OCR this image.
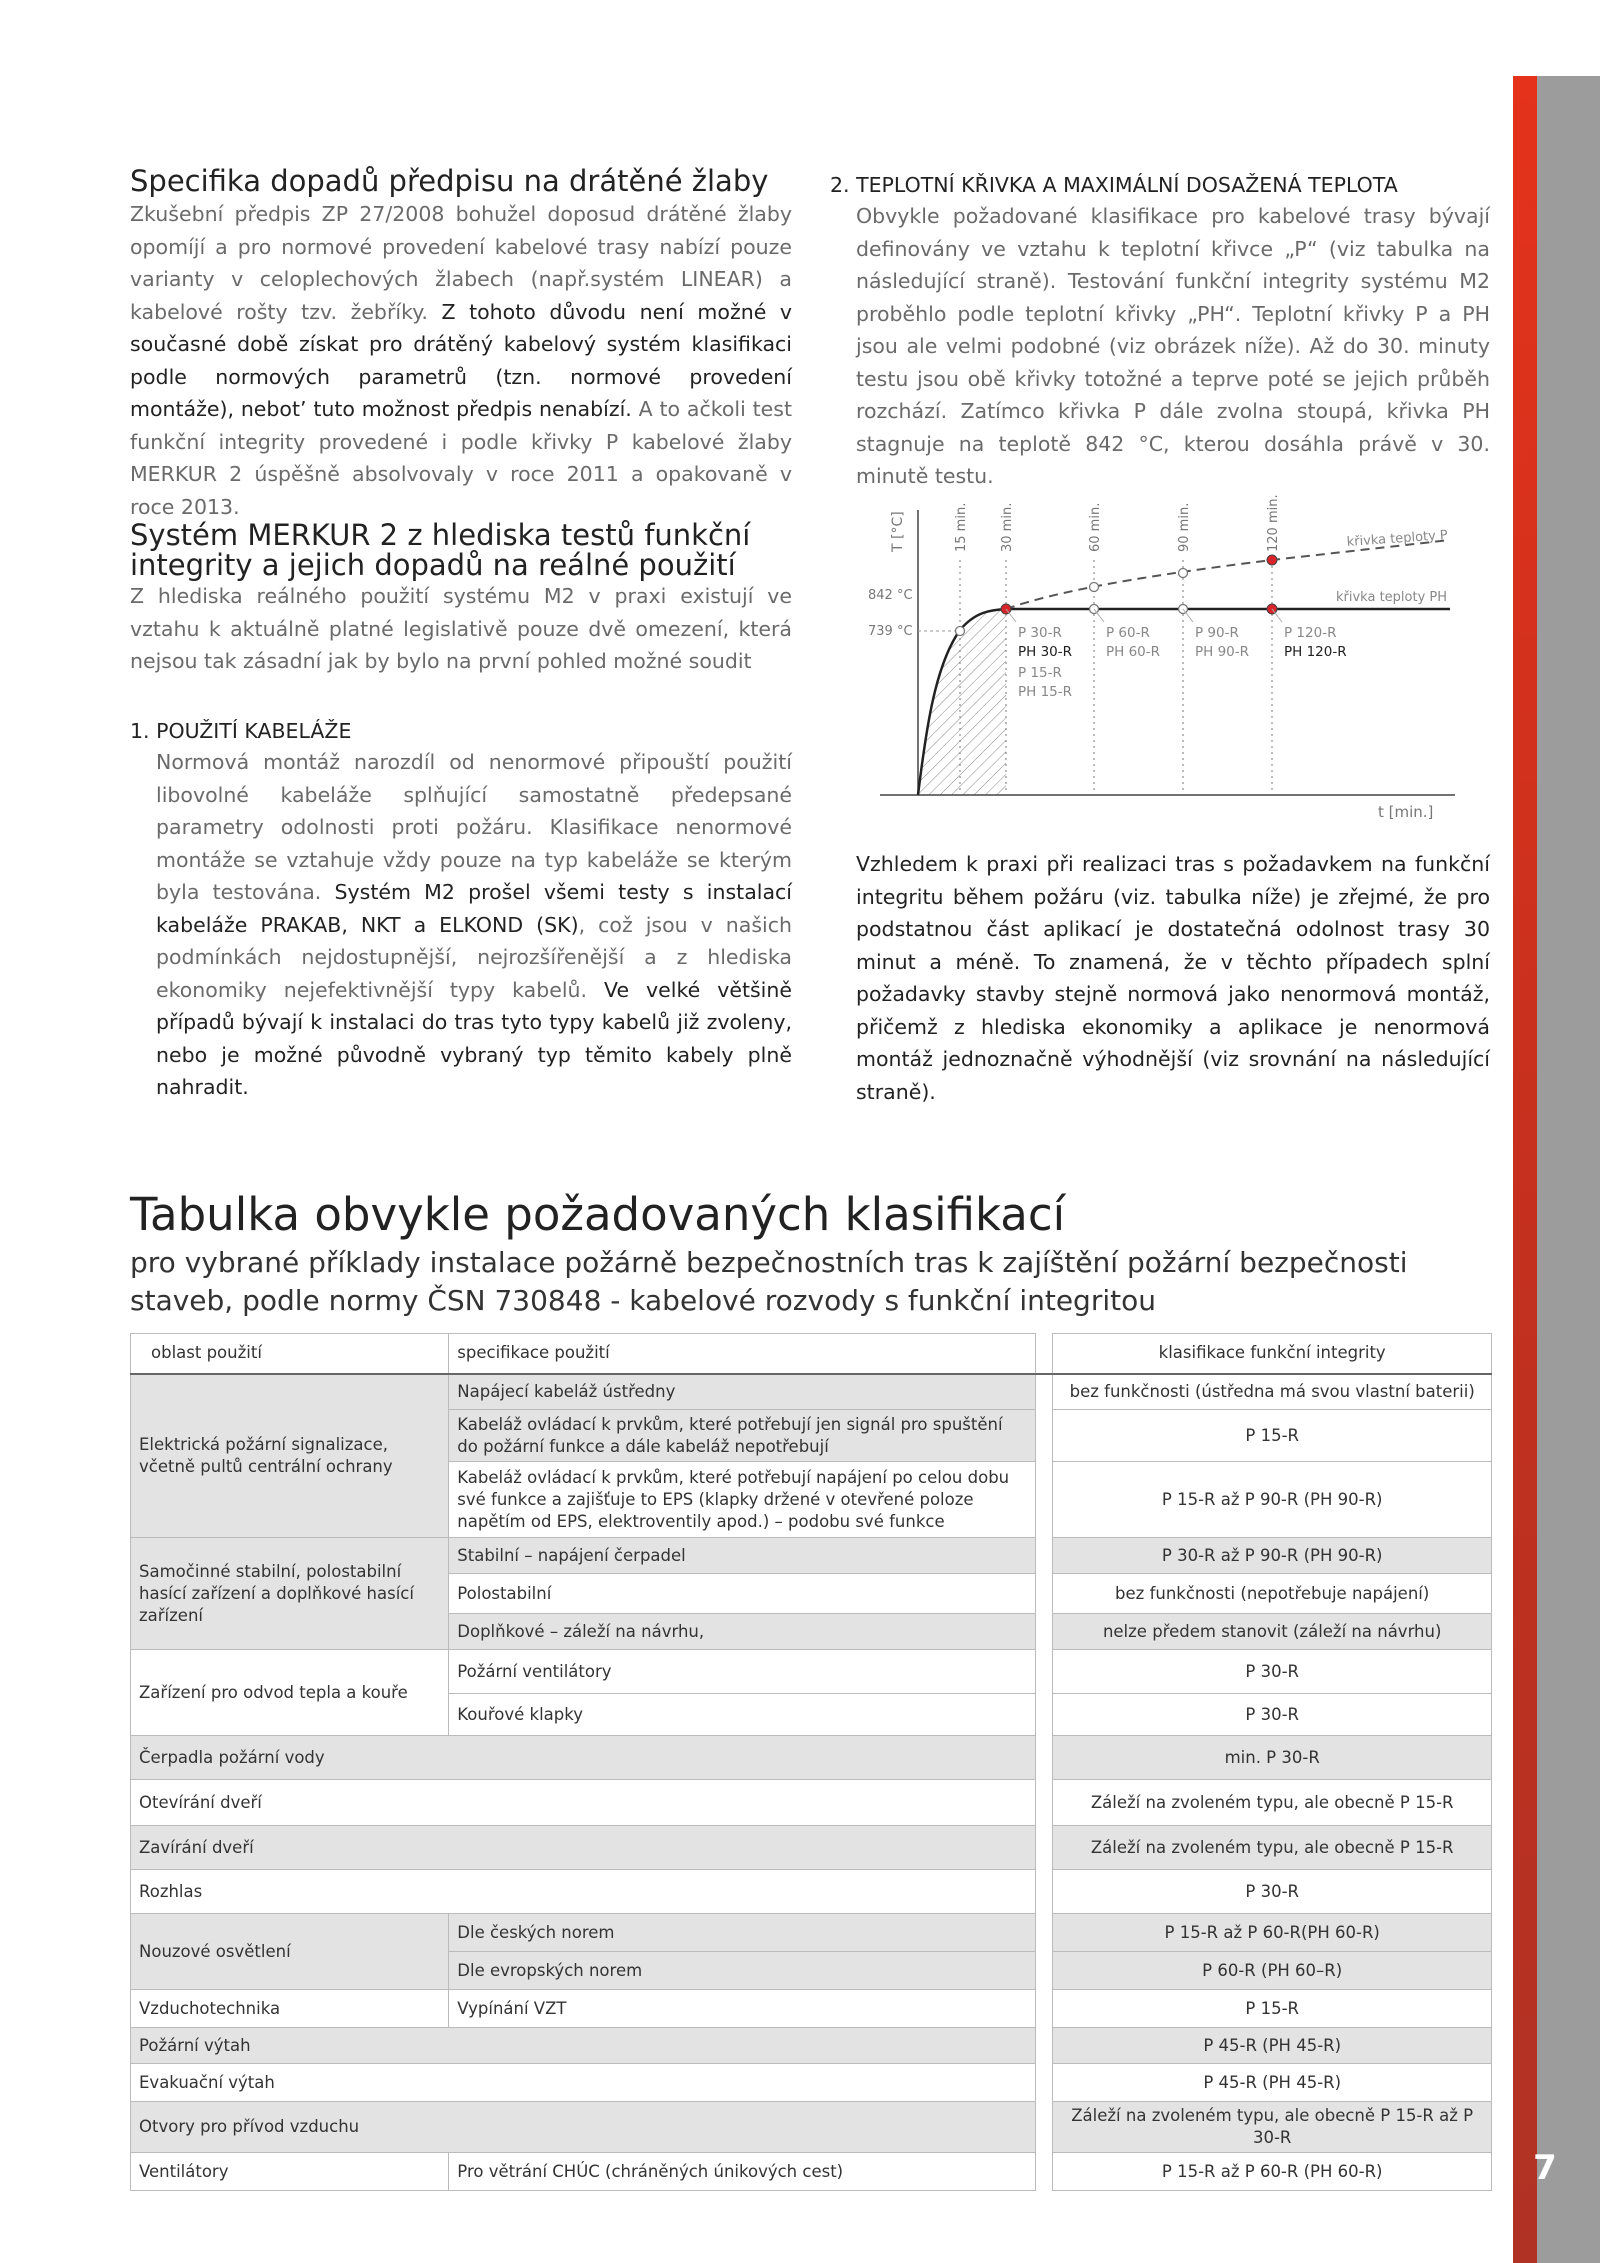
7
Specifika dopadů předpisu na drátěné žlaby

Zkušební předpis ZP 27/2008 bohužel doposud drátěné žlaby opomíjí a pro normové provedení kabelové trasy nabízí pouze varianty v celoplechových žlabech (např.systém LINEAR) a kabelové rošty tzv. žebříky. Z tohoto důvodu není možné v současné době získat pro drátěný kabelový systém klasifikaci podle normových parametrů (tzn. normové provedení montáže), nebot’ tuto možnost předpis nenabízí. A to ačkoli test funkční integrity provedené i podle křivky P kabelové žlaby MERKUR 2 úspěšně absolvovaly v roce 2011 a opakovaně v roce 2013.

Systém MERKUR 2 z hlediska testů funkční integrity a jejich dopadů na reálné použití

Z hlediska reálného použití systému M2 v praxi existují ve vztahu k aktuálně platné legislativě pouze dvě omezení, která nejsou tak zásadní jak by bylo na první pohled možné soudit

1. POUŽITÍ KABELÁŽE

Normová montáž narozdíl od nenormové připouští použití libovolné kabeláže splňující samostatně předepsané parametry odolnosti proti požáru. Klasifikace nenormové montáže se vztahuje vždy pouze na typ kabeláže se kterým byla testována. Systém M2 prošel všemi testy s instalací kabeláže PRAKAB, NKT a ELKOND (SK), což jsou v našich podmínkách nejdostupnější, nejrozšířenější a z hlediska ekonomiky nejefektivnější typy kabelů. Ve velké většině případů bývají k instalaci do tras tyto typy kabelů již zvoleny, nebo je možné původně vybraný typ těmito kabely plně nahradit.

2. TEPLOTNÍ KŘIVKA A MAXIMÁLNÍ DOSAŽENÁ TEPLOTA

Obvykle požadované klasifikace pro kabelové trasy bývají definovány ve vztahu k teplotní křivce „P“ (viz tabulka na následující straně). Testování funkční integrity systému M2 proběhlo podle teplotní křivky „PH“. Teplotní křivky P a PH jsou ale velmi podobné (viz obrázek níže). Až do 30. minuty testu jsou obě křivky totožné a teprve poté se jejich průběh rozchází. Zatímco křivka P dále zvolna stoupá, křivka PH stagnuje na teplotě 842 °C, kterou dosáhla právě v 30. minutě testu.

T [°C]
t [min.]
842 °C
739 °C
15 min. 30 min.	60 min.	90 min.	120 min.	křivka teploty P
křivka teploty PH
P 30-R
PH 30-R
P 15-R
PH 15-R
P 60-R
PH 60-R
P 90-R
PH 90-R
P 120-R
PH 120-R

Vzhledem k praxi při realizaci tras s požadavkem na funkční integritu během požáru (viz. tabulka níže) je zřejmé, že pro podstatnou část aplikací je dostatečná odolnost trasy 30 minut a méně. To znamená, že v těchto případech splní požadavky stavby stejně normová jako nenormová montáž, přičemž z hlediska ekonomiky a aplikace je nenormová montáž jednoznačně výhodnější (viz srovnání na následující straně).

Tabulka obvykle požadovaných klasifikací
pro vybrané příklady instalace požárně bezpečnostních tras k zajíštění požární bezpečnosti staveb, podle normy ČSN 730848 - kabelové rozvody s funkční integritou
oblast použití	specifikace použití		klasifikace funkční integrity
Elektrická požární signalizace, včetně pultů centrální ochrany	Napájecí kabeláž ústředny		bez funkčnosti (ústředna má svou vlastní baterii)
	Kabeláž ovládací k prvkům, které potřebují jen signál pro spuštění do požární funkce a dále kabeláž nepotřebují		P 15-R
	Kabeláž ovládací k prvkům, které potřebují napájení po celou dobu své funkce a zajišťuje to EPS (klapky držené v otevřené poloze napětím od EPS, elektroventily apod.) – podobu své funkce		P 15-R až P 90-R (PH 90-R)
Samočinné stabilní, polostabilní hasící zařízení a doplňkové hasící zařízení	Stabilní – napájení čerpadel		P 30-R až P 90-R (PH 90-R)
	Polostabilní		bez funkčnosti (nepotřebuje napájení)
	Doplňkové – záleží na návrhu,		nelze předem stanovit (záleží na návrhu)
Zařízení pro odvod tepla a kouře	Požární ventilátory		P 30-R
	Kouřové klapky		P 30-R
Čerpadla požární vody			min. P 30-R
Otevírání dveří			Záleží na zvoleném typu, ale obecně P 15-R
Zavírání dveří			Záleží na zvoleném typu, ale obecně P 15-R
Rozhlas			P 30-R
Nouzové osvětlení	Dle českých norem		P 15-R až P 60-R(PH 60-R)
	Dle evropských norem		P 60-R (PH 60–R)
Vzduchotechnika	Vypínání VZT		P 15-R
Požární výtah			P 45-R (PH 45-R)
Evakuační výtah			P 45-R (PH 45-R)
Otvory pro přívod vzduchu			Záleží na zvoleném typu, ale obecně P 15-R až P 30-R
Ventilátory	Pro větrání CHÚC (chráněných únikových cest)		P 15-R až P 60-R (PH 60-R)
